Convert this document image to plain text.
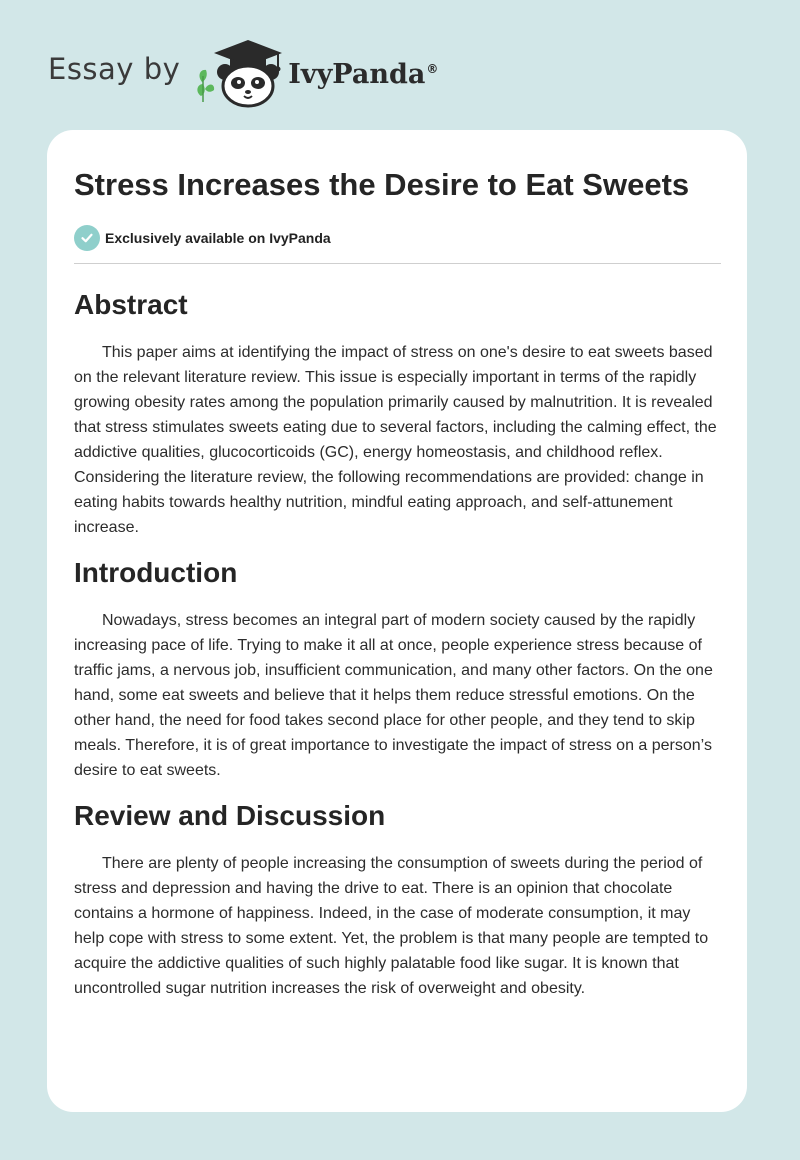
Essay by	IvyPanda®
Stress Increases the Desire to Eat Sweets
Exclusively available on IvyPanda
Abstract

This paper aims at identifying the impact of stress on one's desire to eat sweets based on the relevant literature review. This issue is especially important in terms of the rapidly growing obesity rates among the population primarily caused by malnutrition. It is revealed that stress stimulates sweets eating due to several factors, including the calming effect, the addictive qualities, glucocorticoids (GC), energy homeostasis, and childhood reflex. Considering the literature review, the following recommendations are provided: change in eating habits towards healthy nutrition, mindful eating approach, and self-attunement increase.

Introduction

Nowadays, stress becomes an integral part of modern society caused by the rapidly increasing pace of life. Trying to make it all at once, people experience stress because of traffic jams, a nervous job, insufficient communication, and many other factors. On the one hand, some eat sweets and believe that it helps them reduce stressful emotions. On the other hand, the need for food takes second place for other people, and they tend to skip meals. Therefore, it is of great importance to investigate the impact of stress on a person’s desire to eat sweets.

Review and Discussion

There are plenty of people increasing the consumption of sweets during the period of stress and depression and having the drive to eat. There is an opinion that chocolate contains a hormone of happiness. Indeed, in the case of moderate consumption, it may help cope with stress to some extent. Yet, the problem is that many people are tempted to acquire the addictive qualities of such highly palatable food like sugar. It is known that uncontrolled sugar nutrition increases the risk of overweight and obesity.
